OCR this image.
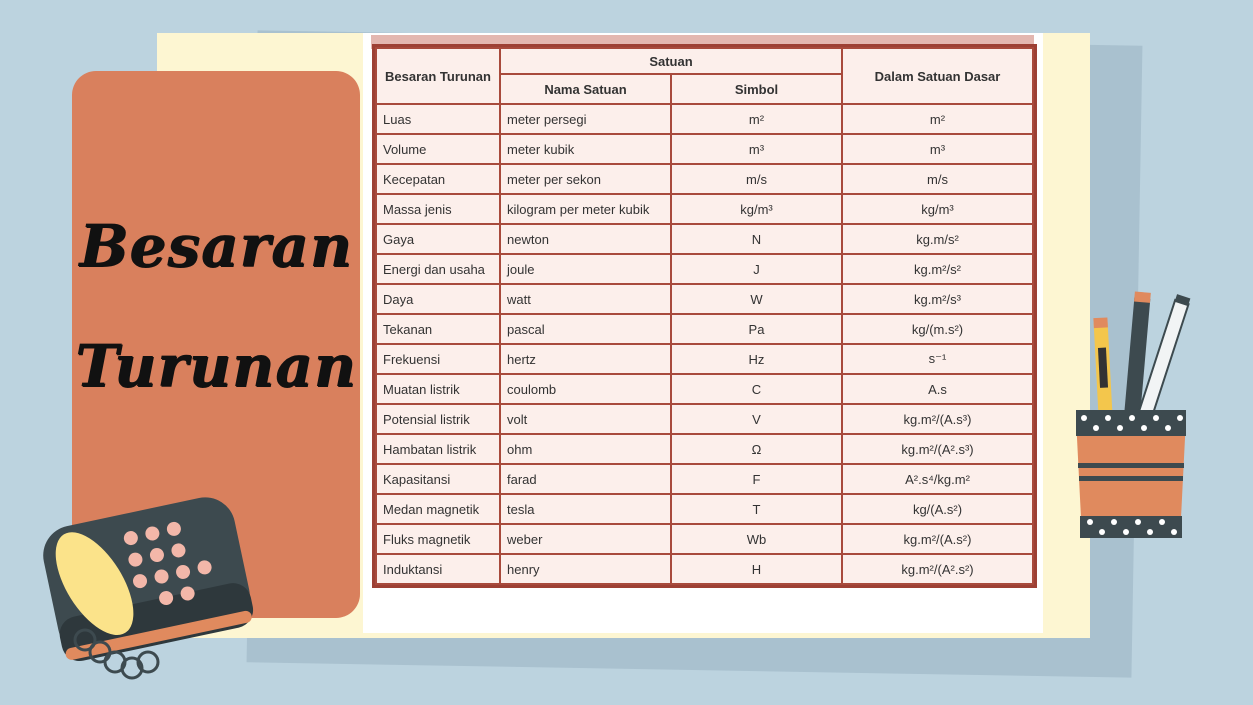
Besaran
Turunan
Besaran Turunan	Satuan		Dalam Satuan Dasar
	Nama Satuan	Simbol	
Luas	meter persegi	m²	m²
Volume	meter kubik	m³	m³
Kecepatan	meter per sekon	m/s	m/s
Massa jenis	kilogram per meter kubik	kg/m³	kg/m³
Gaya	newton	N	kg.m/s²
Energi dan usaha	joule	J	kg.m²/s²
Daya	watt	W	kg.m²/s³
Tekanan	pascal	Pa	kg/(m.s²)
Frekuensi	hertz	Hz	s⁻¹
Muatan listrik	coulomb	C	A.s
Potensial listrik	volt	V	kg.m²/(A.s³)
Hambatan listrik	ohm	Ω	kg.m²/(A².s³)
Kapasitansi	farad	F	A².s⁴/kg.m²
Medan magnetik	tesla	T	kg/(A.s²)
Fluks magnetik	weber	Wb	kg.m²/(A.s²)
Induktansi	henry	H	kg.m²/(A².s²)
